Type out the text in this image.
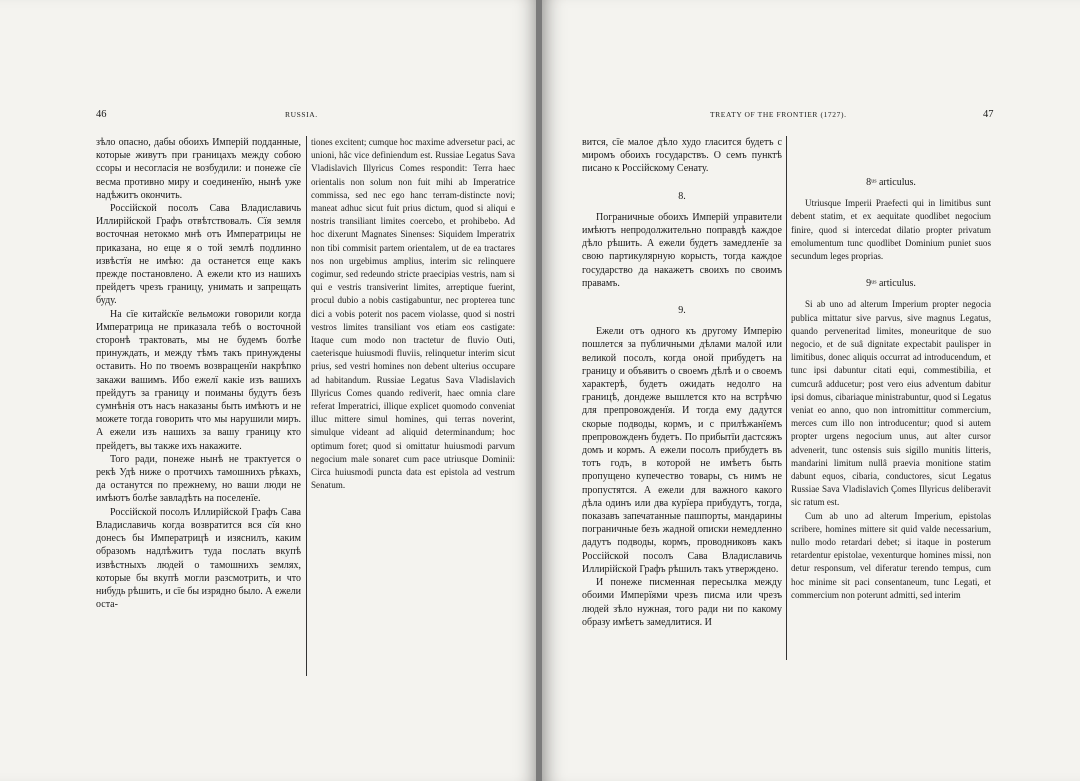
46	RUSSIA.

зѣло опасно, дабы обоихъ Имперій подданные, которые живутъ при границахъ между собою ссоры и несогласія не возбудили: и понеже сїе весма противно миру и соединенїю, нынѣ уже надѣжитъ окончить.

Россійской посолъ Сава Владиславичь Иллирійской Графъ отвѣтствовалъ. Сїя земля восточная нетокмо мнѣ отъ Императрицы не приказана, но еще я о той землѣ подлинно извѣстїя не имѣю: да останется еще какъ прежде постановлено. А ежели кто из нашихъ прейдетъ чрезъ границу, унимать и запрещать буду.

На сїе китайскїе вельможи говорили когда Императрица не приказала тебѣ о восточной сторонѣ трактовать, мы не будемъ болѣе принуждать, и между тѣмъ такъ принуждены оставить. Но по твоемъ возвращенїи накрѣпко закажи вашимъ. Ибо ежелї какіе изъ вашихъ прейдутъ за границу и поиманы будутъ безъ сумнѣнія отъ насъ наказаны быть имѣютъ и не можете тогда говорить что мы нарушили миръ. А ежели изъ нашихъ за вашу границу кто прейдетъ, вы также ихъ накажите.

Того ради, понеже нынѣ не трактуется о рекѣ Удѣ ниже о протчихъ тамошнихъ рѣкахъ, да останутся по прежнему, но ваши люди не имѣютъ болѣе завладѣть на поселенїе.

Россійской посолъ Иллирійской Графъ Сава Владиславичь когда возвратится вся сїя кно донесъ бы Императрицѣ и изяснилъ, каким образомъ надлѣжитъ туда послать вкупѣ извѣстныхъ людей о тамошнихъ землях, которые бы вкупѣ могли разсмотрить, и что нибудь рѣшить, и сїе бы изрядно было. А ежели оста-

tiones excitent; cumque hoc maxime adversetur paci, ac unioni, hâc vice definiendum est. Russiae Legatus Sava Vladislavich Illyricus Comes respondit: Terra haec orientalis non solum non fuit mihi ab Imperatrice commissa, sed nec ego hanc terram-distincte novi; maneat adhuc sicut fuit prius dictum, quod si aliqui e nostris transiliant limites coercebo, et prohibebo. Ad hoc dixerunt Magnates Sinenses: Siquidem Imperatrix non tibi commisit partem orientalem, ut de ea tractares nos non urgebimus amplius, interim sic relinquere cogimur, sed redeundo stricte praecipias vestris, nam si qui e vestris transiverint limites, arreptique fuerint, procul dubio a nobis castigabuntur, nec propterea tunc dici a vobis poterit nos pacem violasse, quod si nostri vestros limites transiliant vos etiam eos castigate: Itaque cum modo non tractetur de fluvio Outi, caeterisque huiusmodi fluviis, relinquetur interim sicut prius, sed vestri homines non debent ulterius occupare ad habitandum. Russiae Legatus Sava Vladislavich Illyricus Comes quando rediverit, haec omnia clare referat Imperatrici, illique explicet quomodo conveniat illuc mittere simul homines, qui terras noverint, simulque videant ad aliquid determinandum; hoc optimum foret; quod si omittatur huiusmodi parvum negocium male sonaret cum pace utriusque Dominii: Circa huiusmodi puncta data est epistola ad vestrum Senatum.

TREATY OF THE FRONTIER (1727).	47

вится, сїе малое дѣло худо гласится будетъ с миромъ обоихъ государствъ. О семъ пунктѣ писано к Россійскому Сенату.

8.

Пограничные обоихъ Имперій управители имѣютъ непродолжительно поправдѣ каждое дѣло рѣшить. А ежели будетъ замедленїе за свою партикулярную корысть, тогда каждое государство да накажетъ своихъ по своимъ правамъ.

9.

Ежели отъ одного къ другому Имперію пошлется за публичными дѣлами малой или великой посолъ, когда оной прибудетъ на границу и объявитъ о своемъ дѣлѣ и о своемъ характерѣ, будетъ ожидать недолго на границѣ, дондеже вышлется кто на встрѣчю для препровожденїя. И тогда ему дадутся скорые подводы, кормъ, и с прилѣжанїемъ препровожденъ будетъ. По прибытїи дастсяжъ домъ и кормъ. А ежели посолъ прибудетъ въ тотъ годъ, в которой не имѣетъ быть пропущено купечество товары, съ нимъ не пропустятся. А ежели для важного какого дѣла одинъ или два курїера прибудутъ, тогда, показавъ запечатанные пашпорты, мандарины пограничные безъ жадной описки немедленно дадутъ подводы, кормъ, проводниковъ какъ Россійской посолъ Сава Владиславичь Иллирійской Графъ рѣшилъ такъ утверждено.

И понеже писменная пересылка между обоими Имперїями чрезъ писма или чрезъ людей зѣло нужная, того ради ни по какому образу имѣетъ замедлитися. И

8ᵘˢ articulus.

Utriusque Imperii Praefecti qui in limitibus sunt debent statim, et ex aequitate quodlibet negocium finire, quod si intercedat dilatio propter privatum emolumentum tunc quodlibet Dominium puniet suos secundum leges proprias.

9ᵘˢ articulus.

Si ab uno ad alterum Imperium propter negocia publica mittatur sive parvus, sive magnus Legatus, quando perveneritad limites, moneuritque de suo negocio, et de suâ dignitate expectabit paulisper in limitibus, donec aliquis occurrat ad introducendum, et tunc ipsi dabuntur citati equi, commestibilia, et cumcurâ adducetur; post vero eius adventum dabitur ipsi domus, cibariaque ministrabuntur, quod si Legatus veniat eo anno, quo non intromittitur commercium, merces cum illo non introducentur; quod si autem propter urgens negocium unus, aut alter cursor advenerit, tunc ostensis suis sigillo munitis litteris, mandarini limitum nullâ praevia monitione statim dabunt equos, cibaria, conductores, sicut Legatus Russiae Sava Vladislavich Çomes Illyricus deliberavit sic ratum est.

Cum ab uno ad alterum Imperium, epistolas scribere, homines mittere sit quid valde necessarium, nullo modo retardari debet; si itaque in posterum retardentur epistolae, vexenturque homines missi, non detur responsum, vel diferatur terendo tempus, cum hoc minime sit paci consentaneum, tunc Legati, et commercium non poterunt admitti, sed interim
